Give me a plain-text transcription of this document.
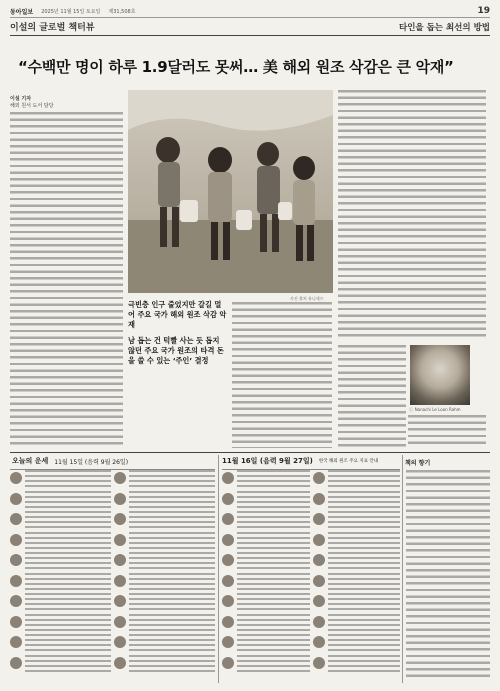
동아일보 2025년 11월 15일 토요일 제31,508호	19
이설의 글로벌 책터뷰	타인을 돕는 최선의 방법
“수백만 명이 하루 1.9달러도 못써… 美 해외 원조 삭감은 큰 악재”
이설 기자
해외 원서 도서 담당
사진 출처 유니세프
극빈층 인구 줄었지만 갈길 멀어 주요 국가 해외 원조 삭감 악재
남 돕는 건 턱빨 사는 듯 돕지 않던 주요 국가 원조의 타격 돈을 쓸 수 있는 ‘주인’ 결정
ⓒ Nanachi Le Loon Rahm
오늘의 운세 11월 15일 (음력 9월 26일)	11월 16일 (음력 9월 27일) 한국 해외 원조 주요 지표 안내	책의 향기
